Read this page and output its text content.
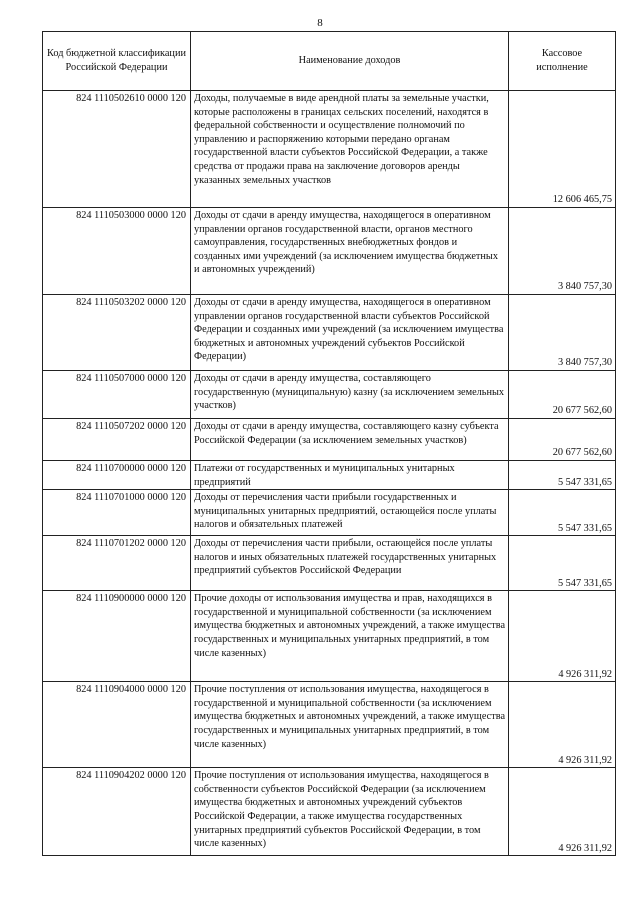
8
Код бюджетной классификации Российской Федерации	Наименование доходов	Кассовое исполнение
824 1110502610 0000 120	Доходы, получаемые в виде арендной платы за земельные участки, которые расположены в границах сельских поселений, находятся в федеральной собственности и осуществление полномочий по управлению и распоряжению которыми передано органам государственной власти субъектов Российской Федерации, а также средства от продажи права на заключение договоров аренды указанных земельных участков	12 606 465,75
824 1110503000 0000 120	Доходы от сдачи в аренду имущества, находящегося в оперативном управлении органов государственной власти, органов местного самоуправления, государственных внебюджетных фондов и созданных ими учреждений (за исключением имущества бюджетных и автономных учреждений)	3 840 757,30
824 1110503202 0000 120	Доходы от сдачи в аренду имущества, находящегося в оперативном управлении органов государственной власти субъектов Российской Федерации и созданных ими учреждений (за исключением имущества бюджетных и автономных учреждений субъектов Российской Федерации)	3 840 757,30
824 1110507000 0000 120	Доходы от сдачи в аренду имущества, составляющего государственную (муниципальную) казну (за исключением земельных участков)	20 677 562,60
824 1110507202 0000 120	Доходы от сдачи в аренду имущества, составляющего казну субъекта Российской Федерации (за исключением земельных участков)	20 677 562,60
824 1110700000 0000 120	Платежи от государственных и муниципальных унитарных предприятий	5 547 331,65
824 1110701000 0000 120	Доходы от перечисления части прибыли государственных и муниципальных унитарных предприятий, остающейся после уплаты налогов и обязательных платежей	5 547 331,65
824 1110701202 0000 120	Доходы от перечисления части прибыли, остающейся после уплаты налогов и иных обязательных платежей государственных унитарных предприятий субъектов Российской Федерации	5 547 331,65
824 1110900000 0000 120	Прочие доходы от использования имущества и прав, находящихся в государственной и муниципальной собственности (за исключением имущества бюджетных и автономных учреждений, а также имущества государственных и муниципальных унитарных предприятий, в том числе казенных)	4 926 311,92
824 1110904000 0000 120	Прочие поступления от использования имущества, находящегося в государственной и муниципальной собственности (за исключением имущества бюджетных и автономных учреждений, а также имущества государственных и муниципальных унитарных предприятий, в том числе казенных)	4 926 311,92
824 1110904202 0000 120	Прочие поступления от использования имущества, находящегося в собственности субъектов Российской Федерации (за исключением имущества бюджетных и автономных учреждений субъектов Российской Федерации, а также имущества государственных унитарных предприятий субъектов Российской Федерации, в том числе казенных)	4 926 311,92
